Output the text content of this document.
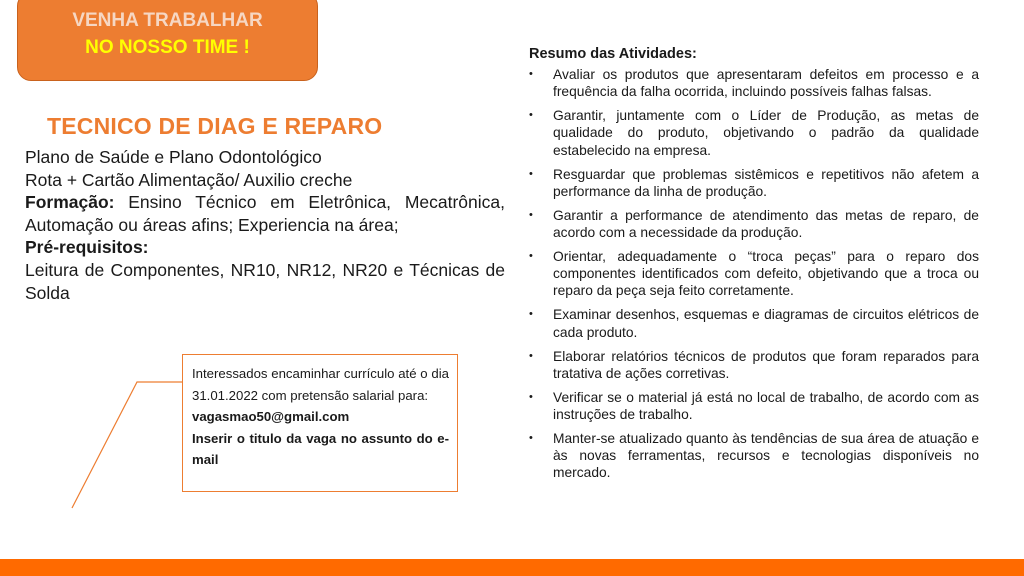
VENHA TRABALHAR
NO NOSSO TIME !
TECNICO DE DIAG E REPARO

Plano de Saúde e Plano Odontológico

Rota + Cartão Alimentação/ Auxilio creche

Formação: Ensino Técnico em Eletrônica, Mecatrônica, Automação ou áreas afins; Experiencia na área;

Pré-requisitos:

Leitura de Componentes, NR10, NR12, NR20 e Técnicas de Solda

Interessados encaminhar currículo até o dia 31.01.2022 com pretensão salarial para:

vagasmao50@gmail.com

Inserir o titulo da vaga no assunto do e-mail

Resumo das Atividades:
• Avaliar os produtos que apresentaram defeitos em processo e a frequência da falha ocorrida, incluindo possíveis falhas falsas.
• Garantir, juntamente com o Líder de Produção, as metas de qualidade do produto, objetivando o padrão da qualidade estabelecido na empresa.
• Resguardar que problemas sistêmicos e repetitivos não afetem a performance da linha de produção.
• Garantir a performance de atendimento das metas de reparo, de acordo com a necessidade da produção.
• Orientar, adequadamente o “troca peças” para o reparo dos componentes identificados com defeito, objetivando que a troca ou reparo da peça seja feito corretamente.
• Examinar desenhos, esquemas e diagramas de circuitos elétricos de cada produto.
• Elaborar relatórios técnicos de produtos que foram reparados para tratativa de ações corretivas.
• Verificar se o material já está no local de trabalho, de acordo com as instruções de trabalho.
• Manter-se atualizado quanto às tendências de sua área de atuação e às novas ferramentas, recursos e tecnologias disponíveis no mercado.
